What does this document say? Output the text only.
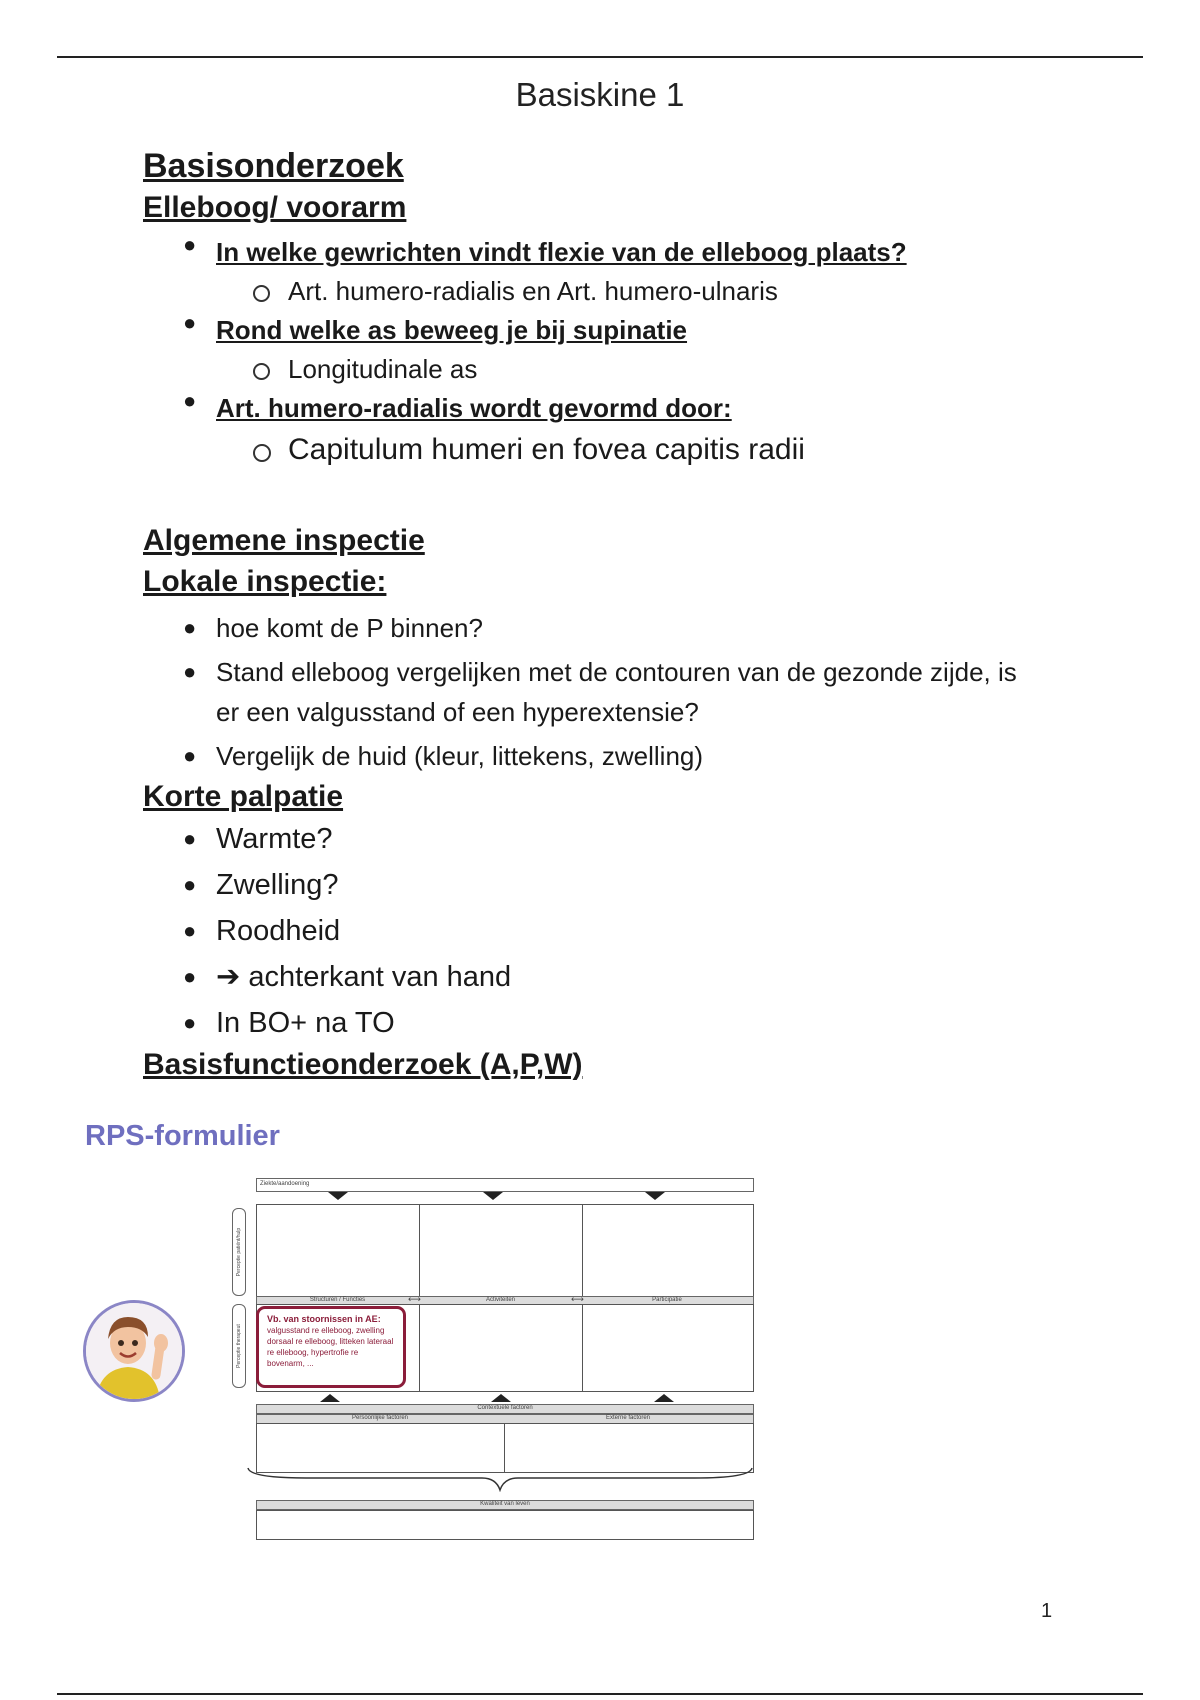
Basiskine 1

Basisonderzoek

Elleboog/ voorarm

● In welke gewrichten vindt flexie van de elleboog plaats?
Art. humero-radialis en Art. humero-ulnaris
● Rond welke as beweeg je bij supinatie
Longitudinale as
● Art. humero-radialis wordt gevormd door:
Capitulum humeri en fovea capitis radii

Algemene inspectie

Lokale inspectie:

● hoe komt de P binnen?
● Stand elleboog vergelijken met de contouren van de gezonde zijde, is er een valgusstand of een hyperextensie?
● Vergelijk de huid (kleur, littekens, zwelling)

Korte palpatie

● Warmte?
● Zwelling?
● Roodheid
● ➔ achterkant van hand
● In BO+ na TO

Basisfunctieonderzoek (A,P,W)

RPS-formulier
Ziekte/aandoening
Perceptie patiënt/hulp
Perceptie therapeut
Structuren / Functies	Activiteiten	Participatie
⟷	⟷
Vb. van stoornissen in AE:
valgusstand re elleboog, zwelling dorsaal re elleboog, litteken lateraal re elleboog, hypertrofie re bovenarm, ...
Contextuele factoren
Persoonlijke factoren	Externe factoren
Kwaliteit van leven
1
